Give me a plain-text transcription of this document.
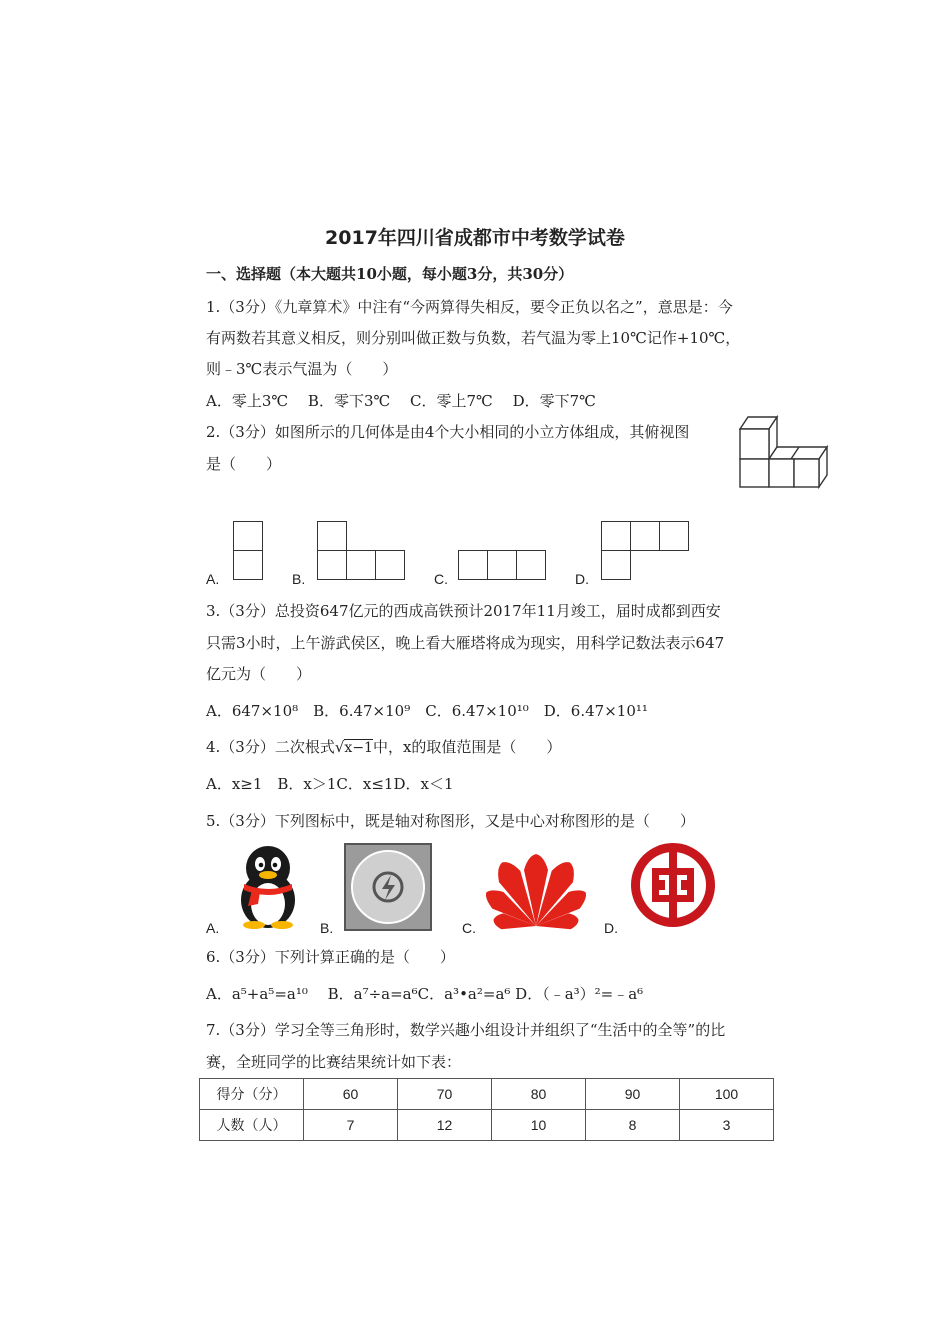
2017年四川省成都市中考数学试卷
一、选择题（本大题共10小题，每小题3分，共30分）
1.（3分）《九章算术》中注有“今两算得失相反，要令正负以名之”，意思是：今
有两数若其意义相反，则分别叫做正数与负数，若气温为零上10℃记作+10℃，
则﹣3℃表示气温为（　　）
A．零上3℃　 B．零下3℃　 C．零上7℃　 D．零下7℃
2.（3分）如图所示的几何体是由4个大小相同的小立方体组成，其俯视图
是（　　）
A.	B.	C.	D.
3.（3分）总投资647亿元的西成高铁预计2017年11月竣工，届时成都到西安
只需3小时，上午游武侯区，晚上看大雁塔将成为现实，用科学记数法表示647
亿元为（　　）
A．647×10⁸　B．6.47×10⁹　C．6.47×10¹⁰　D．6.47×10¹¹
4.（3分）二次根式√x−1中，x的取值范围是（　　）
A．x≥1　B．x＞1C．x≤1D．x＜1
5.（3分）下列图标中，既是轴对称图形，又是中心对称图形的是（　　）
A.	B.	C.	D.
6.（3分）下列计算正确的是（　　）
A．a⁵+a⁵=a¹⁰　 B．a⁷÷a=a⁶C．a³•a²=a⁶ D．（﹣a³）²=﹣a⁶
7.（3分）学习全等三角形时，数学兴趣小组设计并组织了“生活中的全等”的比
赛，全班同学的比赛结果统计如下表：
得分（分）	60	70	80	90	100
人数（人）	7	12	10	8	3
